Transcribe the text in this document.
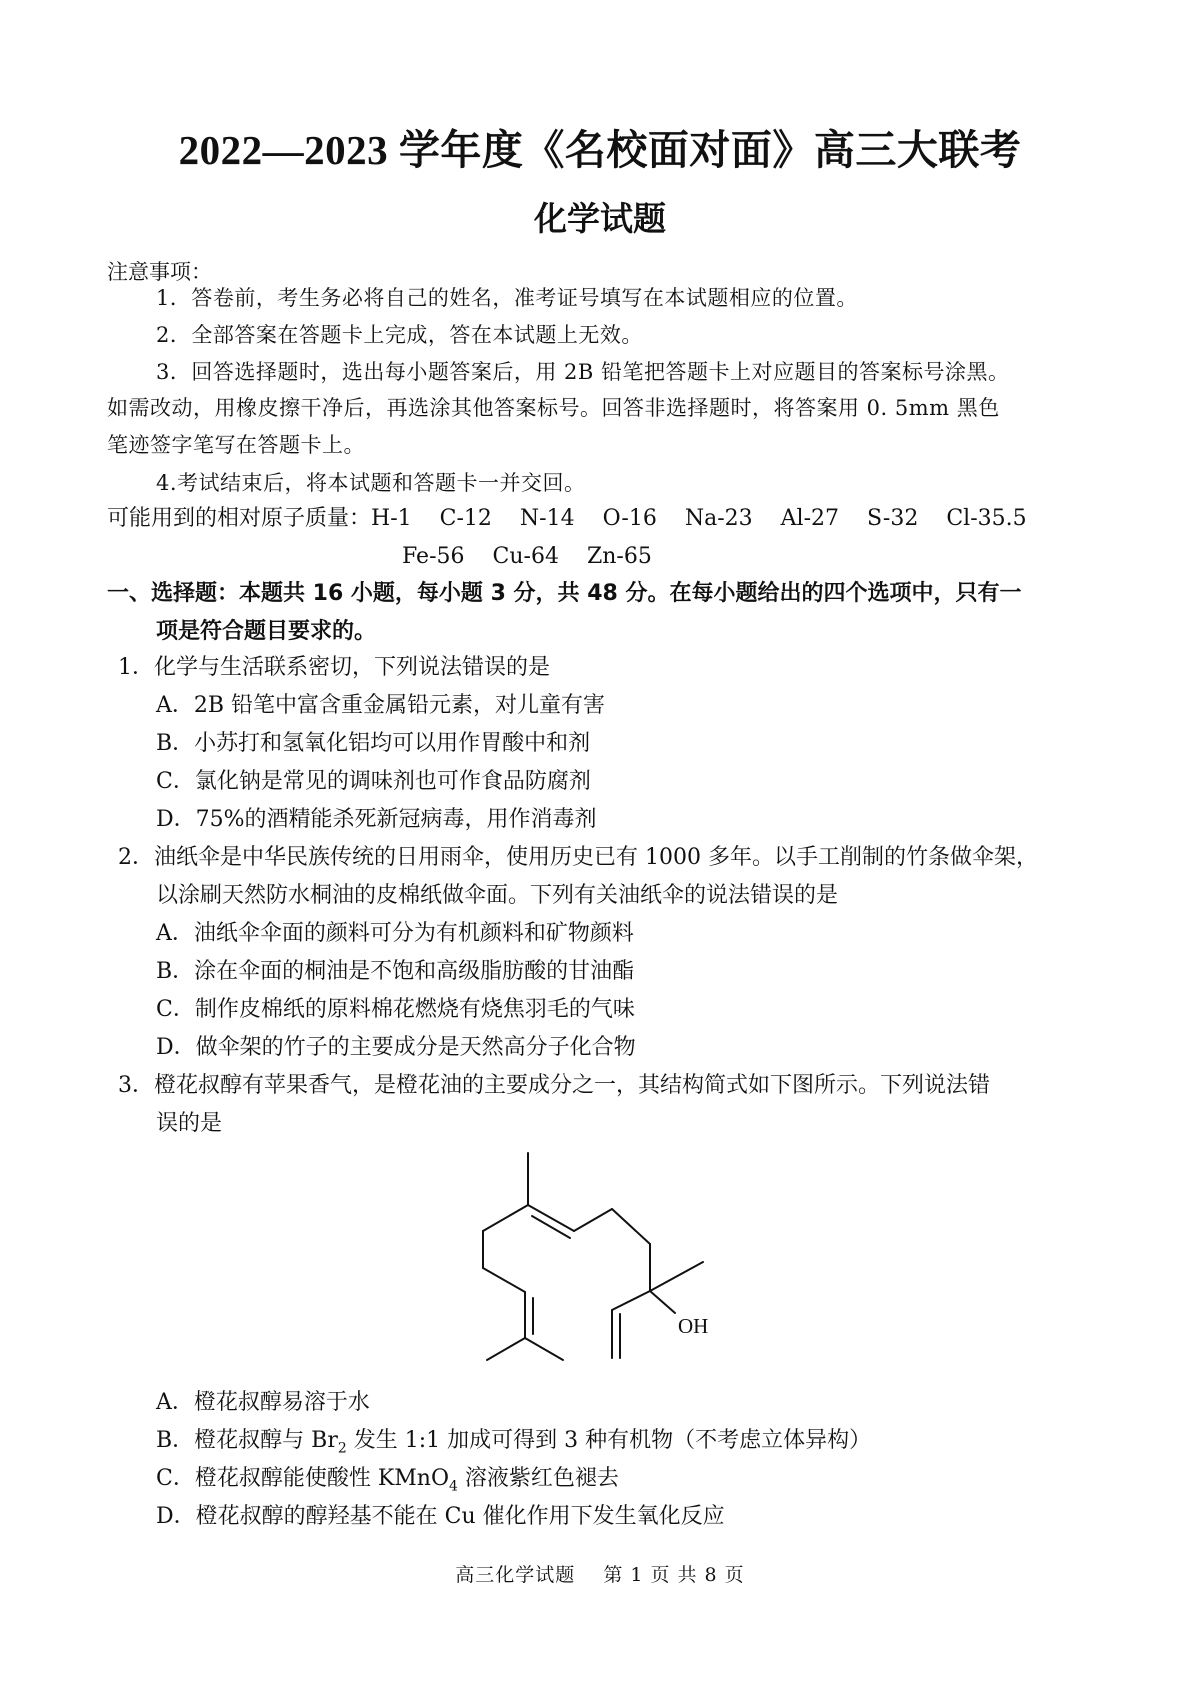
2022—2023 学年度《名校面对面》高三大联考
化学试题
注意事项：
1．答卷前，考生务必将自己的姓名，准考证号填写在本试题相应的位置。
2．全部答案在答题卡上完成，答在本试题上无效。
3．回答选择题时，选出每小题答案后，用 2B 铅笔把答题卡上对应题目的答案标号涂黑。
如需改动，用橡皮擦干净后，再选涂其他答案标号。回答非选择题时，将答案用 0. 5mm 黑色
笔迹签字笔写在答题卡上。
4.考试结束后，将本试题和答题卡一并交回。
可能用到的相对原子质量：H-1 C-12 N-14 O-16 Na-23 Al-27 S-32 Cl-35.5
Fe-56 Cu-64 Zn-65
一、选择题：本题共 16 小题，每小题 3 分，共 48 分。在每小题给出的四个选项中，只有一
项是符合题目要求的。
1．化学与生活联系密切，下列说法错误的是
A．2B 铅笔中富含重金属铅元素，对儿童有害
B．小苏打和氢氧化铝均可以用作胃酸中和剂
C．氯化钠是常见的调味剂也可作食品防腐剂
D．75%的酒精能杀死新冠病毒，用作消毒剂
2．油纸伞是中华民族传统的日用雨伞，使用历史已有 1000 多年。以手工削制的竹条做伞架，
以涂刷天然防水桐油的皮棉纸做伞面。下列有关油纸伞的说法错误的是
A．油纸伞伞面的颜料可分为有机颜料和矿物颜料
B．涂在伞面的桐油是不饱和高级脂肪酸的甘油酯
C．制作皮棉纸的原料棉花燃烧有烧焦羽毛的气味
D．做伞架的竹子的主要成分是天然高分子化合物
3．橙花叔醇有苹果香气，是橙花油的主要成分之一，其结构简式如下图所示。下列说法错
误的是
OH
A．橙花叔醇易溶于水
B．橙花叔醇与 $Br_2$ 发生 1:1 加成可得到 3 种有机物（不考虑立体异构）
C．橙花叔醇能使酸性 KMnO$_4$ 溶液紫红色褪去
D．橙花叔醇的醇羟基不能在 Cu 催化作用下发生氧化反应
高三化学试题 第 1 页 共 8 页
